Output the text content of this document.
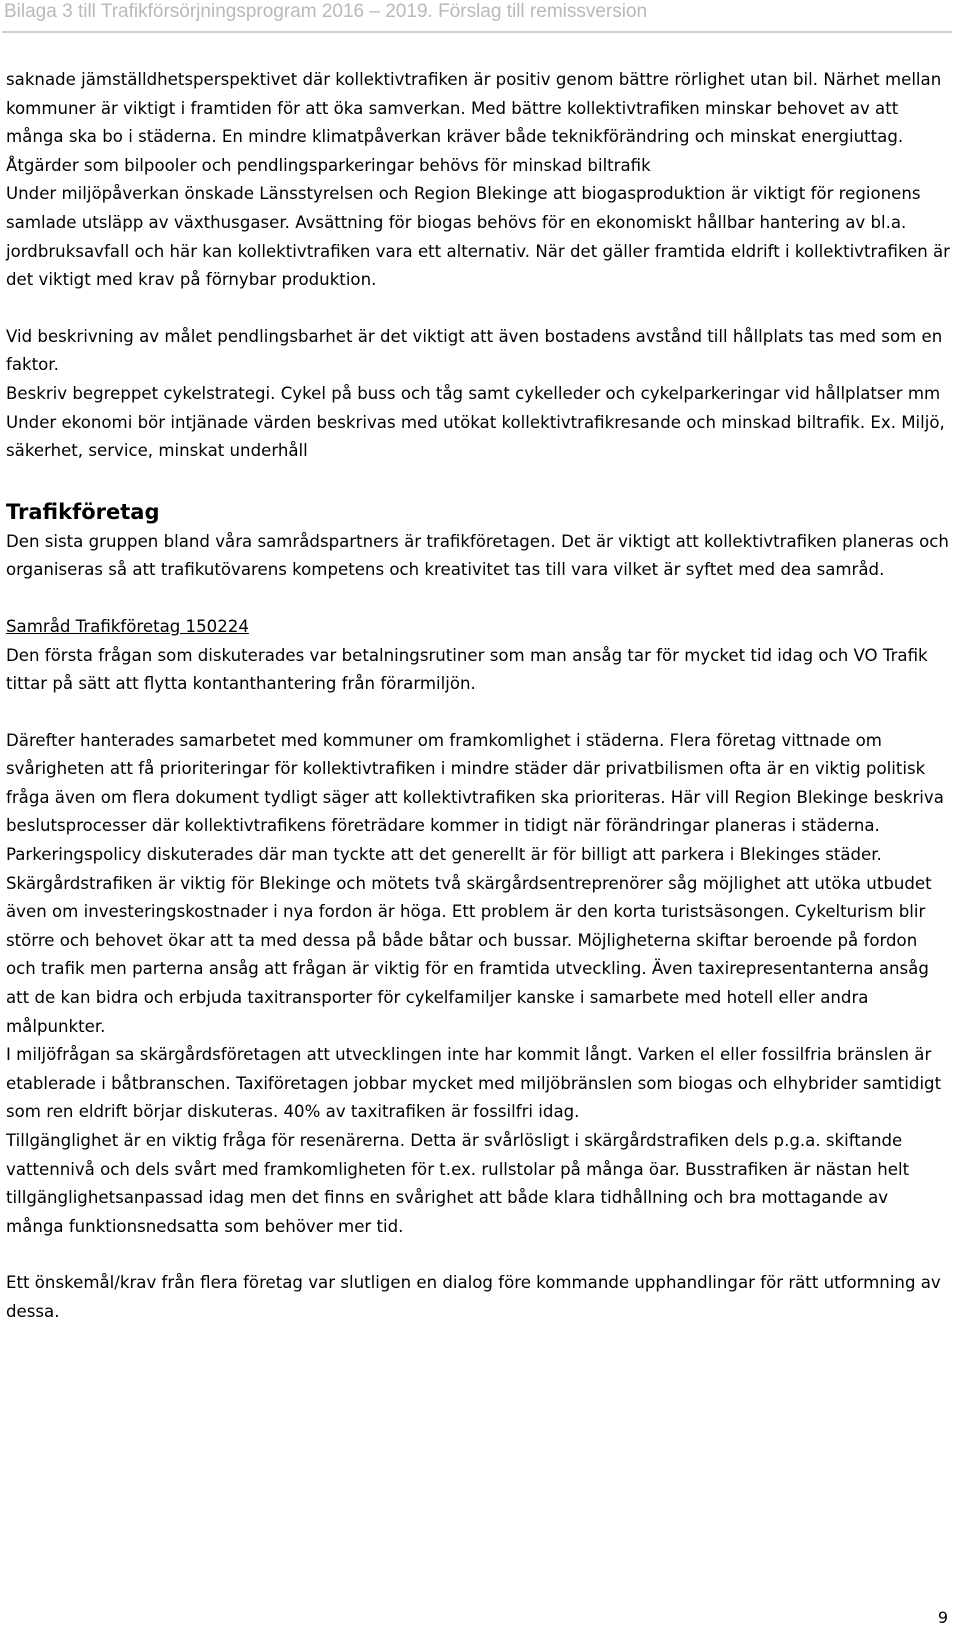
Bilaga 3 till Trafikförsörjningsprogram 2016 – 2019. Förslag till remissversion

saknade jämställdhetsperspektivet där kollektivtrafiken är positiv genom bättre rörlighet utan bil. Närhet mellan kommuner är viktigt i framtiden för att öka samverkan. Med bättre kollektivtrafiken minskar behovet av att många ska bo i städerna. En mindre klimatpåverkan kräver både teknikförändring och minskat energiuttag. Åtgärder som bilpooler och pendlingsparkeringar behövs för minskad biltrafik

Under miljöpåverkan önskade Länsstyrelsen och Region Blekinge att biogasproduktion är viktigt för regionens samlade utsläpp av växthusgaser. Avsättning för biogas behövs för en ekonomiskt hållbar hantering av bl.a. jordbruksavfall och här kan kollektivtrafiken vara ett alternativ. När det gäller framtida eldrift i kollektivtrafiken är det viktigt med krav på förnybar produktion.

Vid beskrivning av målet pendlingsbarhet är det viktigt att även bostadens avstånd till hållplats tas med som en faktor.

Beskriv begreppet cykelstrategi. Cykel på buss och tåg samt cykelleder och cykelparkeringar vid hållplatser mm

Under ekonomi bör intjänade värden beskrivas med utökat kollektivtrafikresande och minskad biltrafik. Ex. Miljö, säkerhet, service, minskat underhåll

Trafikföretag

Den sista gruppen bland våra samrådspartners är trafikföretagen. Det är viktigt att kollektivtrafiken planeras och organiseras så att trafikutövarens kompetens och kreativitet tas till vara vilket är syftet med dea samråd.

Samråd Trafikföretag 150224

Den första frågan som diskuterades var betalningsrutiner som man ansåg tar för mycket tid idag och VO Trafik tittar på sätt att flytta kontanthantering från förarmiljön.

Därefter hanterades samarbetet med kommuner om framkomlighet i städerna. Flera företag vittnade om svårigheten att få prioriteringar för kollektivtrafiken i mindre städer där privatbilismen ofta är en viktig politisk fråga även om flera dokument tydligt säger att kollektivtrafiken ska prioriteras. Här vill Region Blekinge beskriva beslutsprocesser där kollektivtrafikens företrädare kommer in tidigt när förändringar planeras i städerna.

Parkeringspolicy diskuterades där man tyckte att det generellt är för billigt att parkera i Blekinges städer.

Skärgårdstrafiken är viktig för Blekinge och mötets två skärgårdsentreprenörer såg möjlighet att utöka utbudet även om investeringskostnader i nya fordon är höga. Ett problem är den korta turistsäsongen. Cykelturism blir större och behovet ökar att ta med dessa på både båtar och bussar. Möjligheterna skiftar beroende på fordon och trafik men parterna ansåg att frågan är viktig för en framtida utveckling. Även taxirepresentanterna ansåg att de kan bidra och erbjuda taxitransporter för cykelfamiljer kanske i samarbete med hotell eller andra målpunkter.

I miljöfrågan sa skärgårdsföretagen att utvecklingen inte har kommit långt. Varken el eller fossilfria bränslen är etablerade i båtbranschen. Taxiföretagen jobbar mycket med miljöbränslen som biogas och elhybrider samtidigt som ren eldrift börjar diskuteras. 40% av taxitrafiken är fossilfri idag.

Tillgänglighet är en viktig fråga för resenärerna. Detta är svårlösligt i skärgårdstrafiken dels p.g.a. skiftande vattennivå och dels svårt med framkomligheten för t.ex. rullstolar på många öar. Busstrafiken är nästan helt tillgänglighetsanpassad idag men det finns en svårighet att både klara tidhållning och bra mottagande av många funktionsnedsatta som behöver mer tid.

Ett önskemål/krav från flera företag var slutligen en dialog före kommande upphandlingar för rätt utformning av dessa.

9
